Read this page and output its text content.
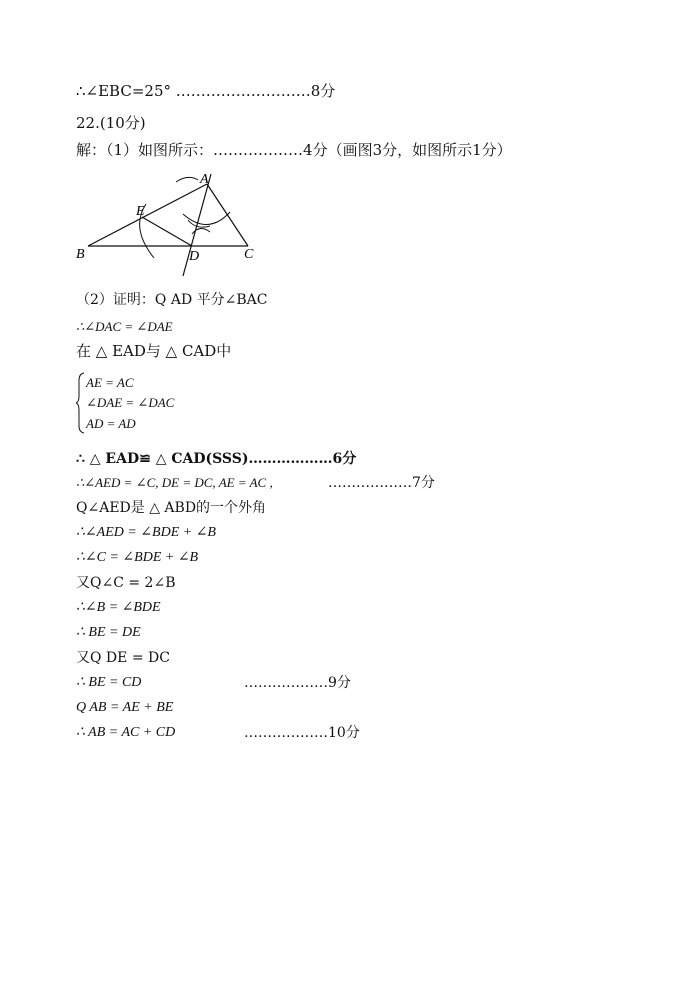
∴∠EBC=25° ………………………8分
22.(10分)
解：（1）如图所示：………………4分（画图3分，如图所示1分）
A
E
B	D	C
（2）证明：Q AD 平分∠BAC
∴∠DAC = ∠DAE
在 △ EAD与 △ CAD中
AE = AC
∠DAE = ∠DAC
AD = AD
∴ △ EAD≌ △ CAD(SSS)………………6分
∴∠AED = ∠C, DE = DC, AE = AC ,	………………7分
Q∠AED是 △ ABD的一个外角
∴∠AED = ∠BDE + ∠B
∴∠C = ∠BDE + ∠B
又Q∠C = 2∠B
∴∠B = ∠BDE
∴ BE = DE
又Q DE = DC
∴ BE = CD	………………9分
Q AB = AE + BE
∴ AB = AC + CD	………………10分
